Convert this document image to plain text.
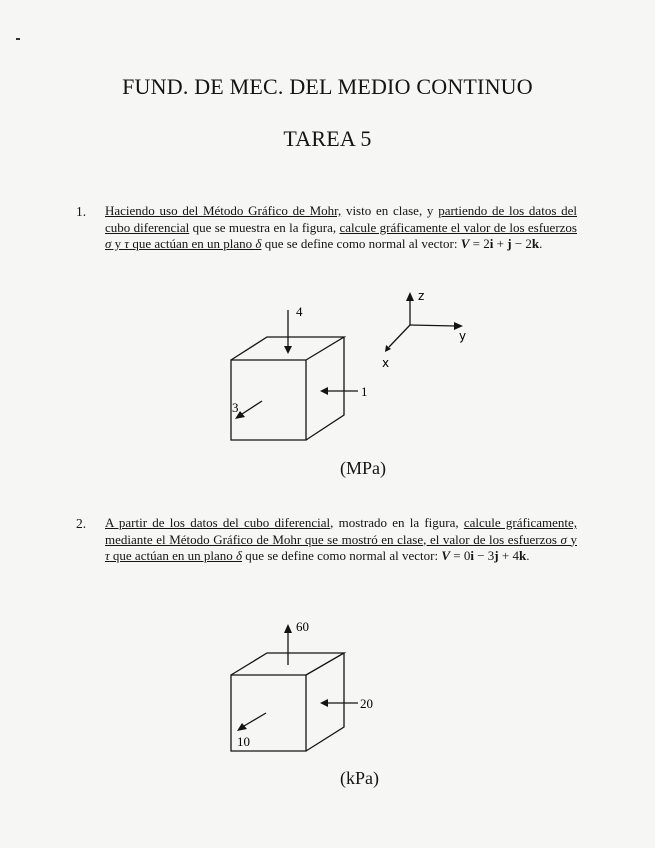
FUND. DE MEC. DEL MEDIO CONTINUO
TAREA 5
1. Haciendo uso del Método Gráfico de Mohr, visto en clase, y partiendo de los datos del cubo diferencial que se muestra en la figura, calcule gráficamente el valor de los esfuerzos σ y τ que actúan en un plano δ que se define como normal al vector: V = 2i + j − 2k.
4
1
3
z
y
x
(MPa)
2. A partir de los datos del cubo diferencial, mostrado en la figura, calcule gráficamente, mediante el Método Gráfico de Mohr que se mostró en clase, el valor de los esfuerzos σ y τ que actúan en un plano δ que se define como normal al vector: V = 0i − 3j + 4k.
60
20
10
(kPa)
